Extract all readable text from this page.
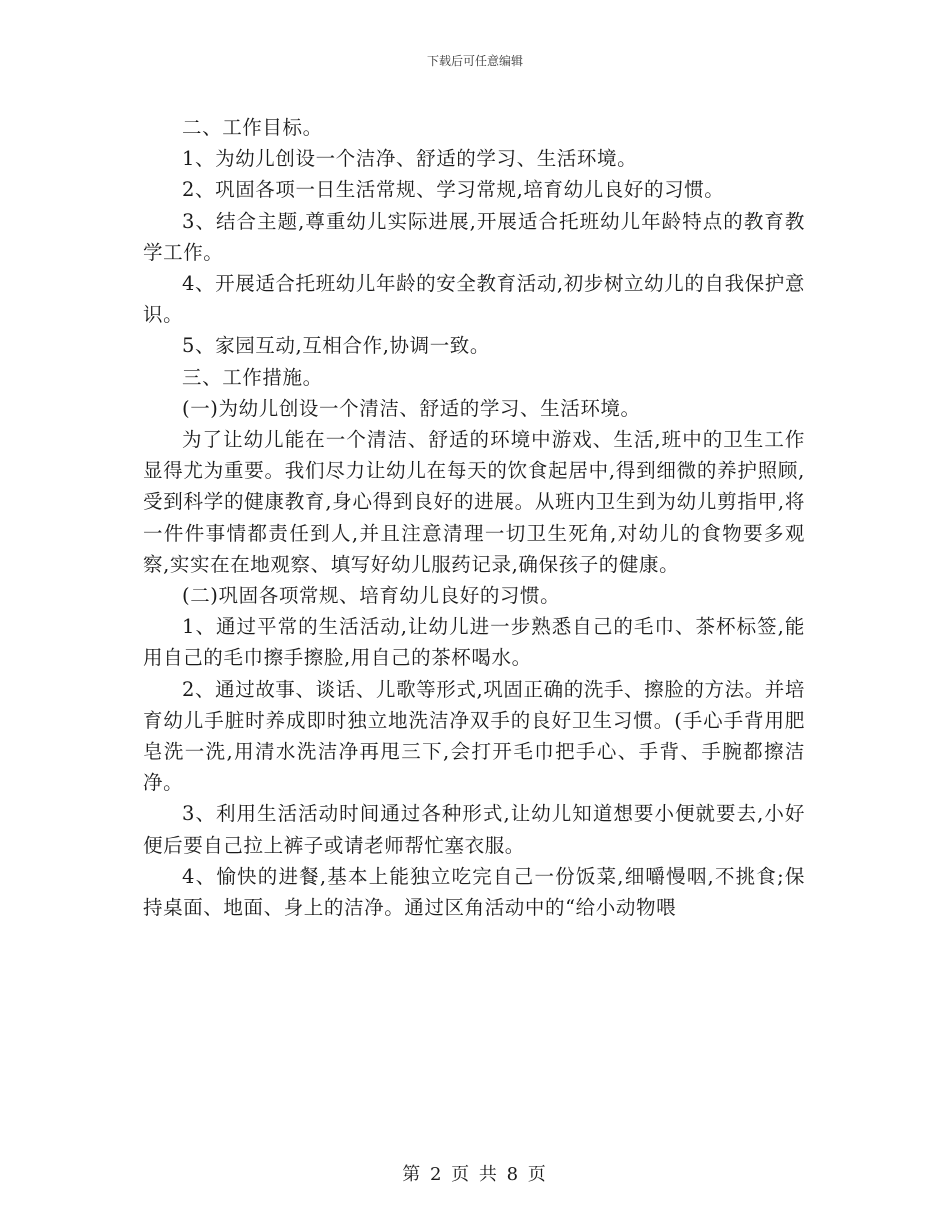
下载后可任意编辑

二、工作目标。

1、为幼儿创设一个洁净、舒适的学习、生活环境。

2、巩固各项一日生活常规、学习常规,培育幼儿良好的习惯。

3、结合主题,尊重幼儿实际进展,开展适合托班幼儿年龄特点的教育教学工作。

4、开展适合托班幼儿年龄的安全教育活动,初步树立幼儿的自我保护意识。

5、家园互动,互相合作,协调一致。

三、工作措施。

(一)为幼儿创设一个清洁、舒适的学习、生活环境。

为了让幼儿能在一个清洁、舒适的环境中游戏、生活,班中的卫生工作显得尤为重要。我们尽力让幼儿在每天的饮食起居中,得到细微的养护照顾,受到科学的健康教育,身心得到良好的进展。从班内卫生到为幼儿剪指甲,将一件件事情都责任到人,并且注意清理一切卫生死角,对幼儿的食物要多观察,实实在在地观察、填写好幼儿服药记录,确保孩子的健康。

(二)巩固各项常规、培育幼儿良好的习惯。

1、通过平常的生活活动,让幼儿进一步熟悉自己的毛巾、茶杯标签,能用自己的毛巾擦手擦脸,用自己的茶杯喝水。

2、通过故事、谈话、儿歌等形式,巩固正确的洗手、擦脸的方法。并培育幼儿手脏时养成即时独立地洗洁净双手的良好卫生习惯。(手心手背用肥皂洗一洗,用清水洗洁净再甩三下,会打开毛巾把手心、手背、手腕都擦洁净。

3、利用生活活动时间通过各种形式,让幼儿知道想要小便就要去,小好便后要自己拉上裤子或请老师帮忙塞衣服。

4、愉快的进餐,基本上能独立吃完自己一份饭菜,细嚼慢咽,不挑食;保持桌面、地面、身上的洁净。通过区角活动中的“给小动物喂

第 2 页 共 8 页
